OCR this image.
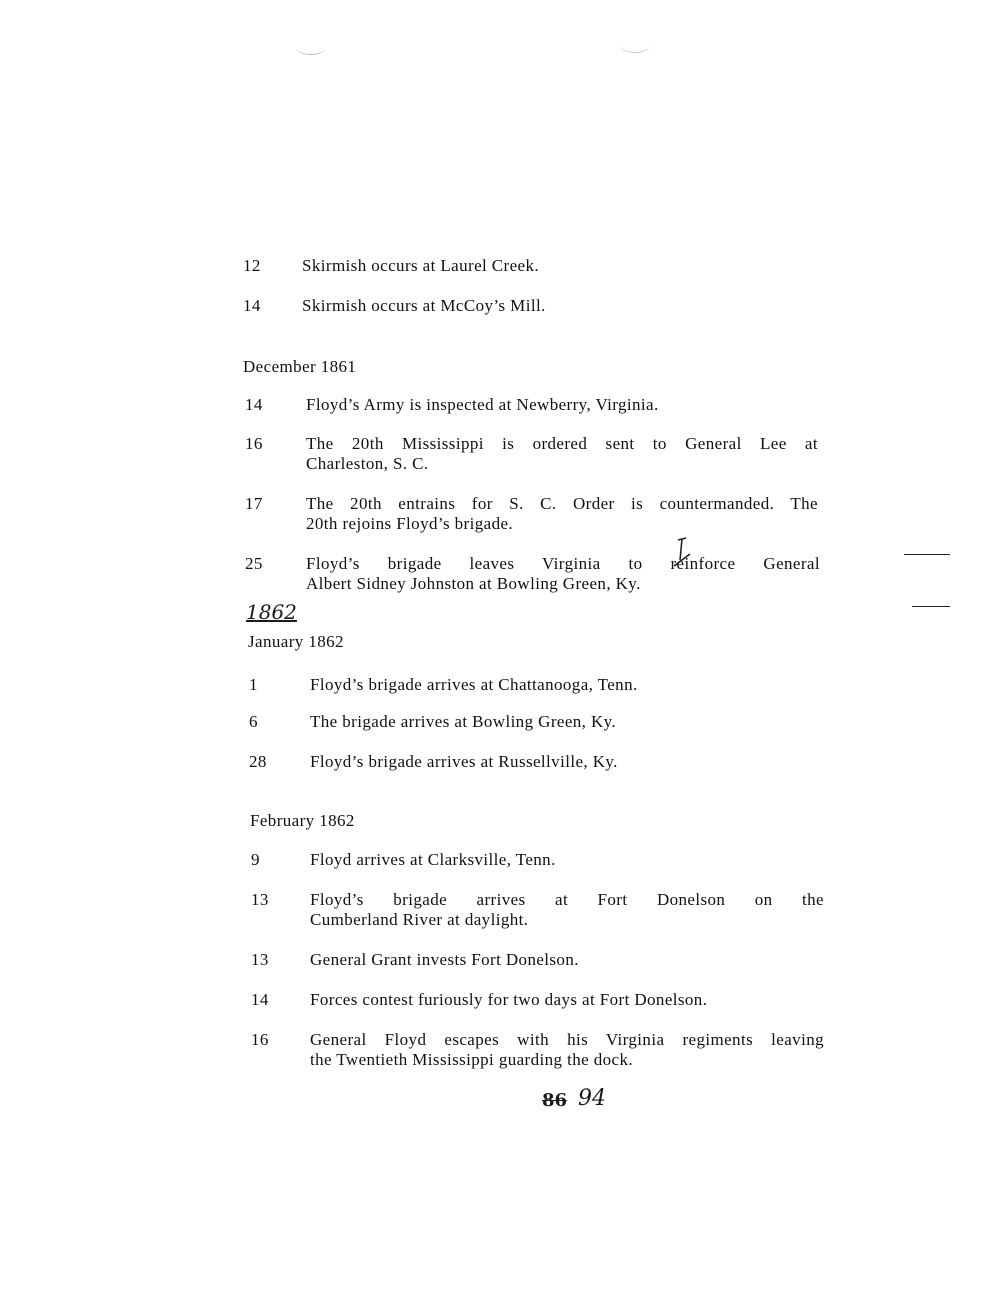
12	Skirmish occurs at Laurel Creek.
14	Skirmish occurs at McCoy’s Mill.
December 1861
14	Floyd’s Army is inspected at Newberry, Virginia.
16	The 20th Mississippi is ordered sent to General Lee at
Charleston, S. C.
17	The 20th entrains for S. C. Order is countermanded. The
20th rejoins Floyd’s brigade.
25	Floyd’s brigade leaves Virginia to reinforce General
Albert Sidney Johnston at Bowling Green, Ky.
1862
January 1862
1	Floyd’s brigade arrives at Chattanooga, Tenn.
6	The brigade arrives at Bowling Green, Ky.
28	Floyd’s brigade arrives at Russellville, Ky.
February 1862
9	Floyd arrives at Clarksville, Tenn.
13	Floyd’s brigade arrives at Fort Donelson on the
Cumberland River at daylight.
13	General Grant invests Fort Donelson.
14	Forces contest furiously for two days at Fort Donelson.
16	General Floyd escapes with his Virginia regiments leaving
the Twentieth Mississippi guarding the dock.
86 94
